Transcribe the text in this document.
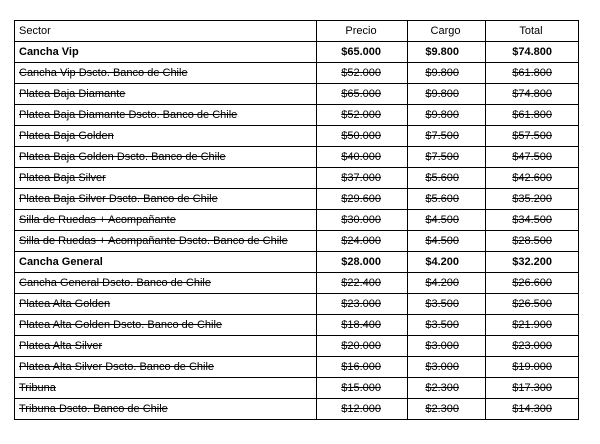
Sector	Precio	Cargo	Total
Cancha Vip	$65.000	$9.800	$74.800
Cancha Vip Dscto. Banco de Chile	$52.000	$9.800	$61.800
Platea Baja Diamante	$65.000	$9.800	$74.800
Platea Baja Diamante Dscto. Banco de Chile	$52.000	$9.800	$61.800
Platea Baja Golden	$50.000	$7.500	$57.500
Platea Baja Golden Dscto. Banco de Chile	$40.000	$7.500	$47.500
Platea Baja Silver	$37.000	$5.600	$42.600
Platea Baja Silver Dscto. Banco de Chile	$29.600	$5.600	$35.200
Silla de Ruedas + Acompañante	$30.000	$4.500	$34.500
Silla de Ruedas + Acompañante Dscto. Banco de Chile	$24.000	$4.500	$28.500
Cancha General	$28.000	$4.200	$32.200
Cancha General Dscto. Banco de Chile	$22.400	$4.200	$26.600
Platea Alta Golden	$23.000	$3.500	$26.500
Platea Alta Golden Dscto. Banco de Chile	$18.400	$3.500	$21.900
Platea Alta Silver	$20.000	$3.000	$23.000
Platea Alta Silver Dscto. Banco de Chile	$16.000	$3.000	$19.000
Tribuna	$15.000	$2.300	$17.300
Tribuna Dscto. Banco de Chile	$12.000	$2.300	$14.300
